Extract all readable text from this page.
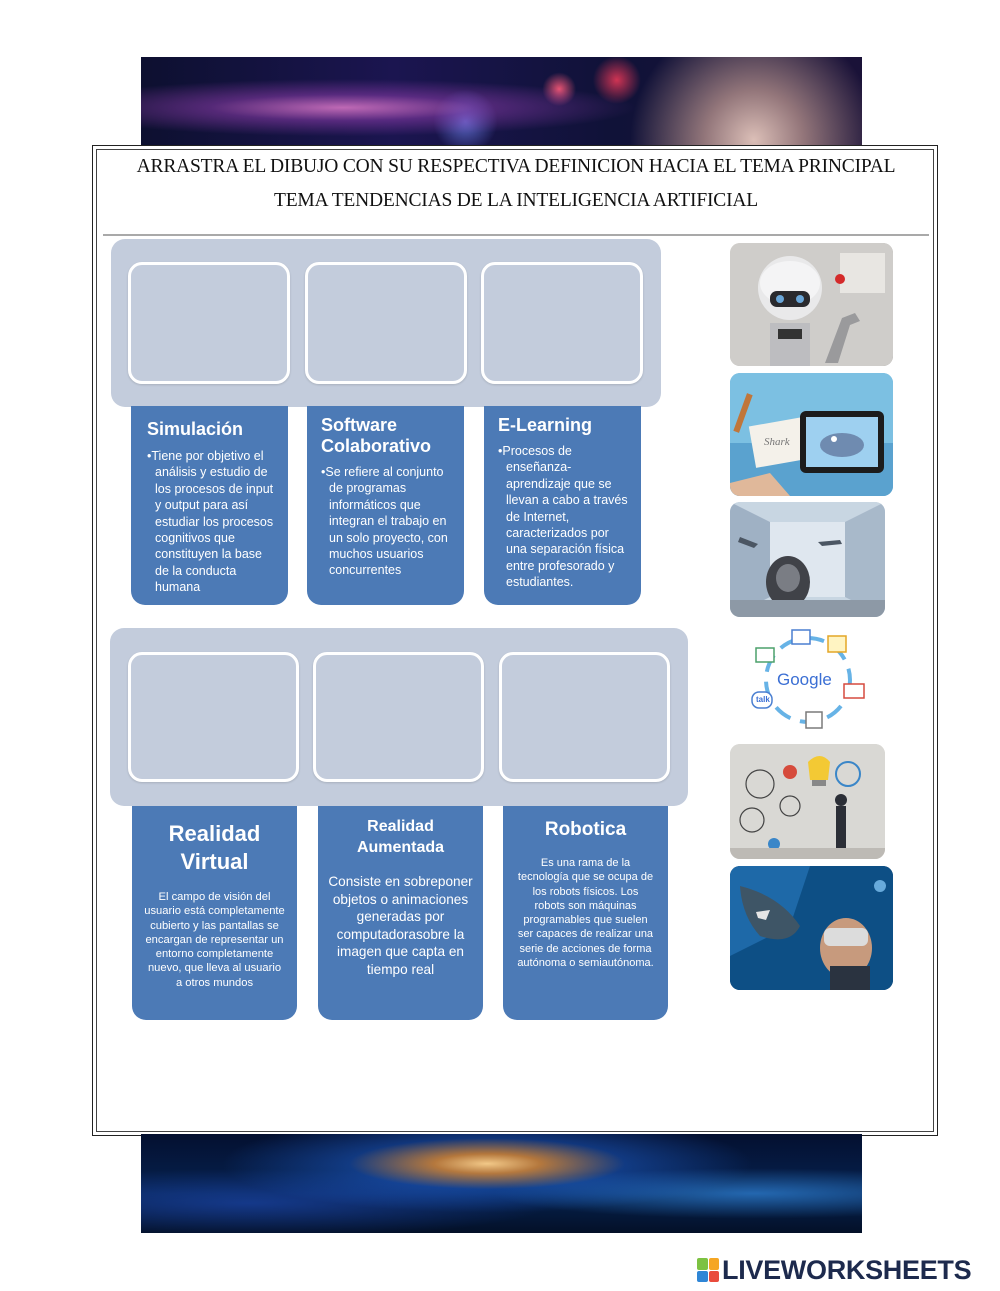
ARRASTRA EL DIBUJO CON SU RESPECTIVA DEFINICION HACIA EL TEMA PRINCIPAL
TEMA TENDENCIAS DE LA INTELIGENCIA ARTIFICIAL
Simulación

•Tiene por objetivo el análisis y estudio de los procesos de input y output para así estudiar los procesos cognitivos que constituyen la base de la conducta humana

Software Colaborativo

•Se refiere al conjunto de programas informáticos que integran el trabajo en un solo proyecto, con muchos usuarios concurrentes

E-Learning

•Procesos de enseñanza-aprendizaje que se llevan a cabo a través de Internet, caracterizados por una separación física entre profesorado y estudiantes.

Realidad Virtual

El campo de visión del usuario está completamente cubierto y las pantallas se encargan de representar un entorno completamente nuevo, que lleva al usuario a otros mundos

Realidad Aumentada

Consiste en sobreponer objetos o animaciones generadas por computadorasobre la imagen que capta en tiempo real

Robotica

Es una rama de la tecnología que se ocupa de los robots físicos. Los robots son máquinas programables que suelen ser capaces de realizar una serie de acciones de forma autónoma o semiautónoma.

Shark
Google
talk
LIVEWORKSHEETS
